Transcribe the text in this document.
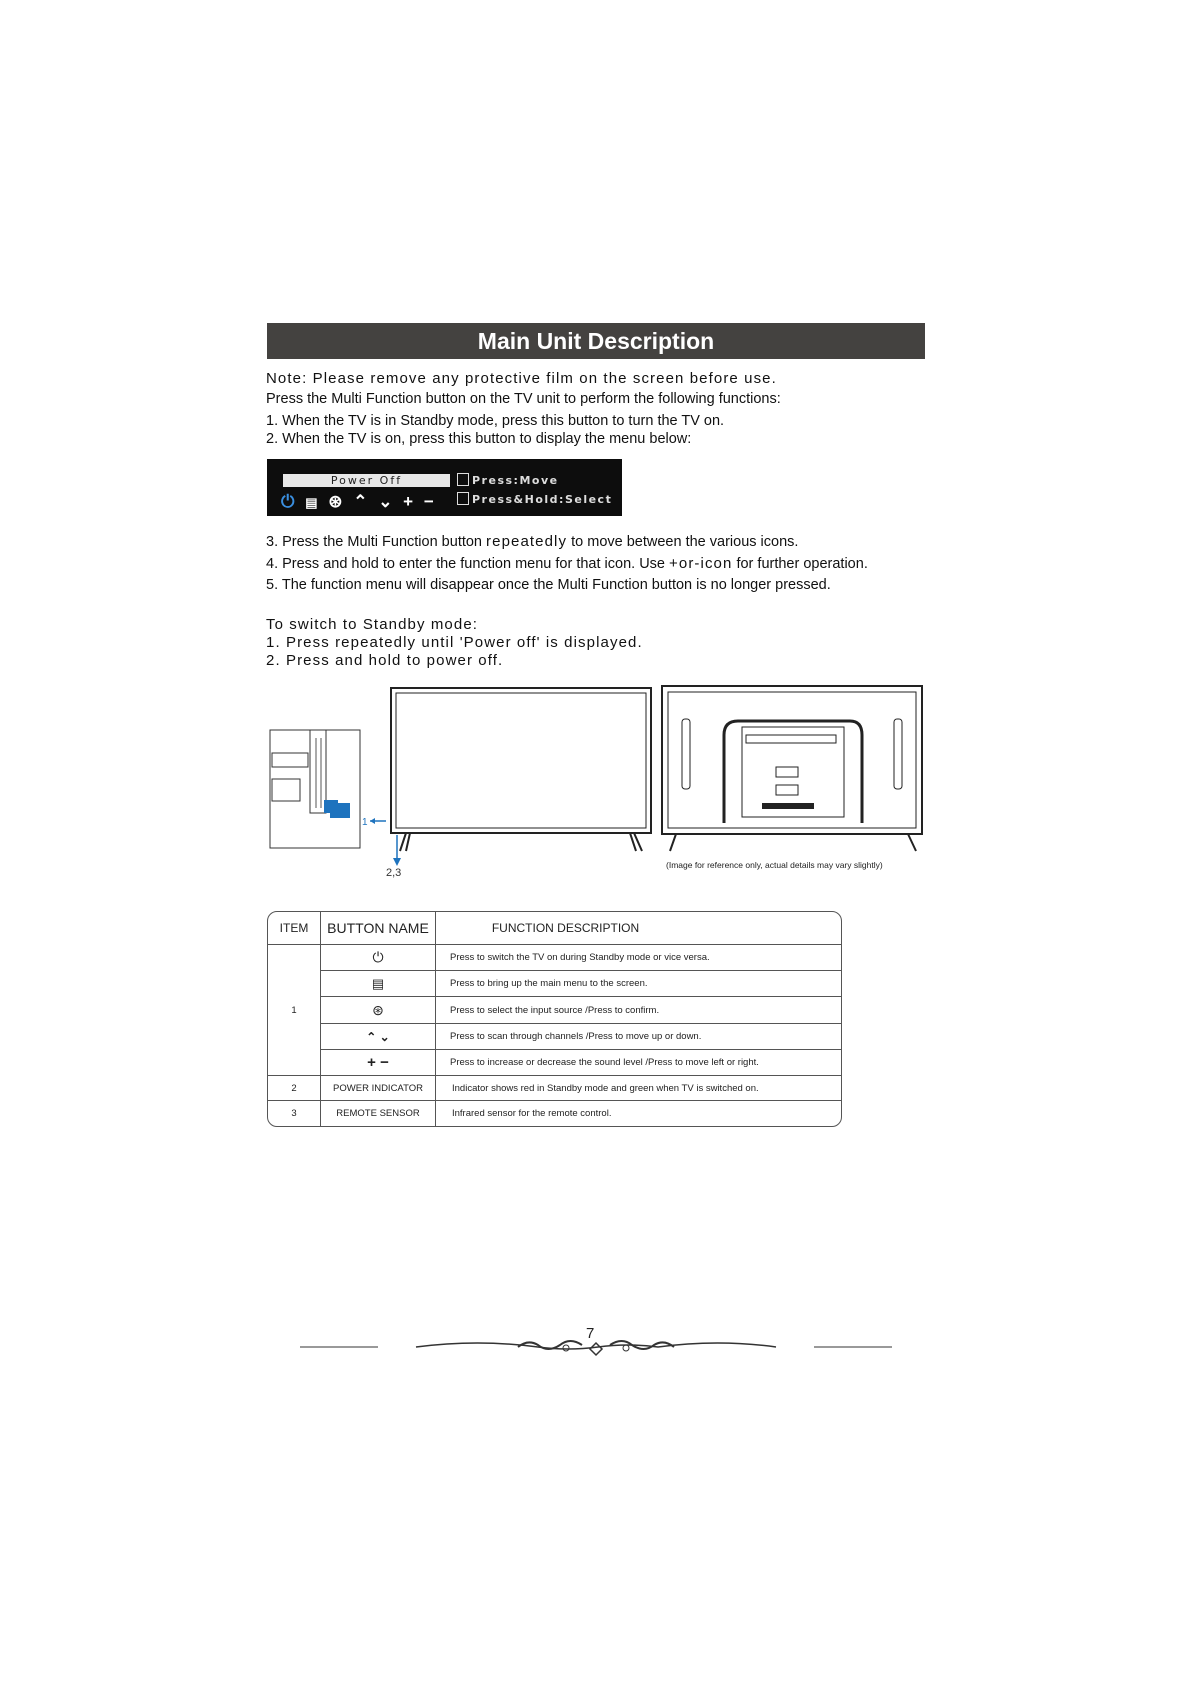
Main Unit Description
Note: Please remove any protective film on the screen before use.
Press the Multi Function button on the TV unit to perform the following functions:
1. When the TV is in Standby mode, press this button to turn the TV on.
2. When the TV is on, press this button to display the menu below:
Power Off
⏻ ▤ ⊛ ⌃ ⌄ + −
Press:Move
Press&Hold:Select
3. Press the Multi Function button repeatedly to move between the various icons.
4. Press and hold to enter the function menu for that icon. Use +or-icon for further operation.
5. The function menu will disappear once the Multi Function button is no longer pressed.
To switch to Standby mode:
1. Press repeatedly until 'Power off' is displayed.
2. Press and hold to power off.
1
2,3
(Image for reference only, actual details may vary slightly)
ITEM	BUTTON NAME	FUNCTION DESCRIPTION
1	⏻	Press to switch the TV on during Standby mode or vice versa.
	▤	Press to bring up the main menu to the screen.
	⊛	Press to select the input source /Press to confirm.
	⌃ ⌄	Press to scan through channels /Press to move up or down.
	+ −	Press to increase or decrease the sound level /Press to move left or right.
2	POWER INDICATOR	Indicator shows red in Standby mode and green when TV is switched on.
3	REMOTE SENSOR	Infrared sensor for the remote control.
7
